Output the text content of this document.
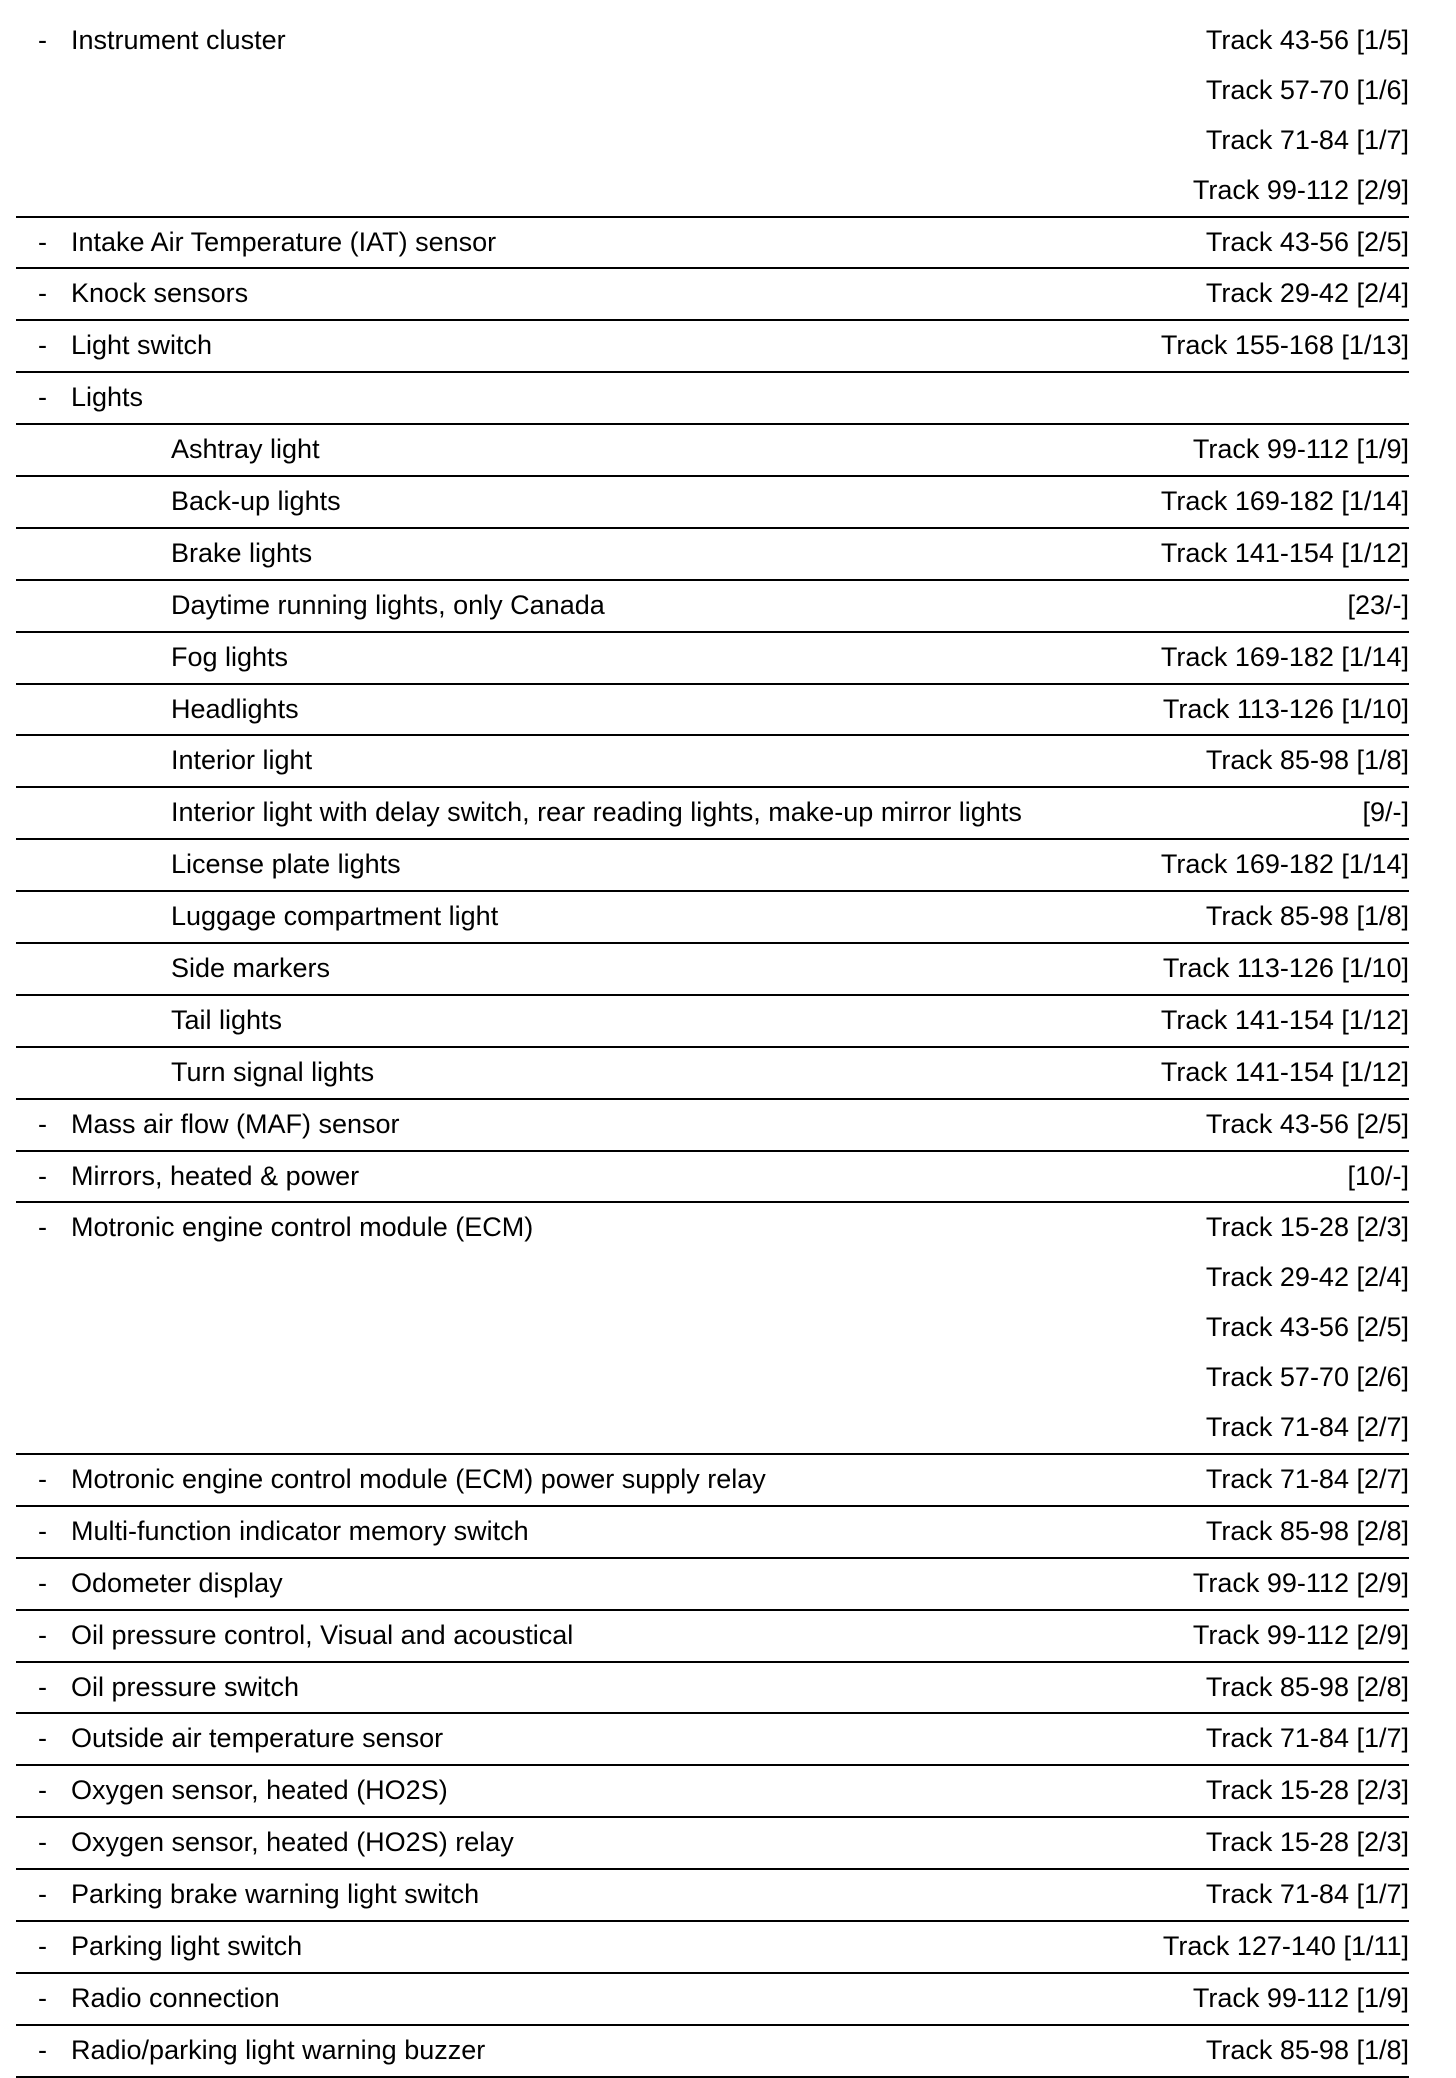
- Instrument cluster	Track 43-56 [1/5]
Track 57-70 [1/6]
Track 71-84 [1/7]
Track 99-112 [2/9]
- Intake Air Temperature (IAT) sensor	Track 43-56 [2/5]
- Knock sensors	Track 29-42 [2/4]
- Light switch	Track 155-168 [1/13]
- Lights
Ashtray light	Track 99-112 [1/9]
Back-up lights	Track 169-182 [1/14]
Brake lights	Track 141-154 [1/12]
Daytime running lights, only Canada	[23/-]
Fog lights	Track 169-182 [1/14]
Headlights	Track 113-126 [1/10]
Interior light	Track 85-98 [1/8]
Interior light with delay switch, rear reading lights, make-up mirror lights	[9/-]
License plate lights	Track 169-182 [1/14]
Luggage compartment light	Track 85-98 [1/8]
Side markers	Track 113-126 [1/10]
Tail lights	Track 141-154 [1/12]
Turn signal lights	Track 141-154 [1/12]
- Mass air flow (MAF) sensor	Track 43-56 [2/5]
- Mirrors, heated & power	[10/-]
- Motronic engine control module (ECM)	Track 15-28 [2/3]
Track 29-42 [2/4]
Track 43-56 [2/5]
Track 57-70 [2/6]
Track 71-84 [2/7]
- Motronic engine control module (ECM) power supply relay	Track 71-84 [2/7]
- Multi-function indicator memory switch	Track 85-98 [2/8]
- Odometer display	Track 99-112 [2/9]
- Oil pressure control, Visual and acoustical	Track 99-112 [2/9]
- Oil pressure switch	Track 85-98 [2/8]
- Outside air temperature sensor	Track 71-84 [1/7]
- Oxygen sensor, heated (HO2S)	Track 15-28 [2/3]
- Oxygen sensor, heated (HO2S) relay	Track 15-28 [2/3]
- Parking brake warning light switch	Track 71-84 [1/7]
- Parking light switch	Track 127-140 [1/11]
- Radio connection	Track 99-112 [1/9]
- Radio/parking light warning buzzer	Track 85-98 [1/8]
